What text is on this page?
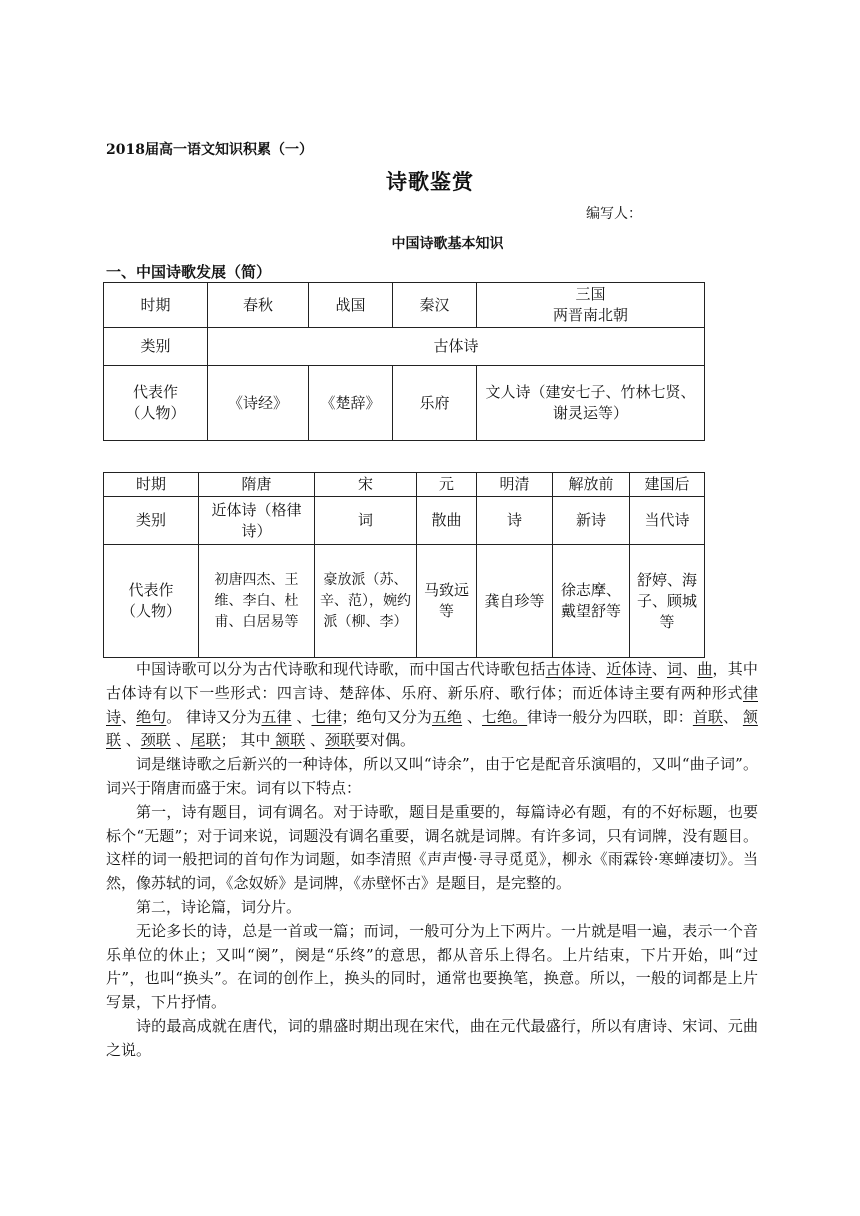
2018届高一语文知识积累（一）
诗歌鉴赏
编写人：
中国诗歌基本知识
一、中国诗歌发展（简）
时期	春秋	战国	秦汉	三国
两晋南北朝

类别	古体诗			

代表作
（人物）	《诗经》	《楚辞》	乐府	文人诗（建安七子、竹林七贤、谢灵运等）
时期	隋唐	宋	元	明清	解放前	建国后
类别	近体诗（格律诗）	词	散曲	诗	新诗	当代诗

代表作
（人物）	初唐四杰、王维、李白、杜甫、白居易等	豪放派（苏、辛、范），婉约派（柳、李）	马致远等	龚自珍等	徐志摩、戴望舒等	舒婷、海子、顾城等

中国诗歌可以分为古代诗歌和现代诗歌，而中国古代诗歌包括古体诗、近体诗、词、曲，其中古体诗有以下一些形式：四言诗、楚辞体、乐府、新乐府、歌行体；而近体诗主要有两种形式律诗、绝句。 律诗又分为五律 、七律；绝句又分为五绝 、七绝。律诗一般分为四联，即：首联、 颔联 、颈联 、尾联； 其中 颔联 、颈联要对偶。

词是继诗歌之后新兴的一种诗体，所以又叫“诗余”，由于它是配音乐演唱的，又叫“曲子词”。词兴于隋唐而盛于宋。词有以下特点：

第一，诗有题目，词有调名。对于诗歌，题目是重要的，每篇诗必有题，有的不好标题，也要标个“无题”；对于词来说，词题没有调名重要，调名就是词牌。有许多词，只有词牌，没有题目。这样的词一般把词的首句作为词题，如李清照《声声慢·寻寻觅觅》，柳永《雨霖铃·寒蝉凄切》。当然，像苏轼的词，《念奴娇》是词牌，《赤壁怀古》是题目，是完整的。

第二，诗论篇，词分片。

无论多长的诗，总是一首或一篇；而词，一般可分为上下两片。一片就是唱一遍，表示一个音乐单位的休止；又叫“阕”，阕是“乐终”的意思，都从音乐上得名。上片结束，下片开始，叫“过片”，也叫“换头”。在词的创作上，换头的同时，通常也要换笔，换意。所以，一般的词都是上片写景，下片抒情。

诗的最高成就在唐代，词的鼎盛时期出现在宋代，曲在元代最盛行，所以有唐诗、宋词、元曲之说。
